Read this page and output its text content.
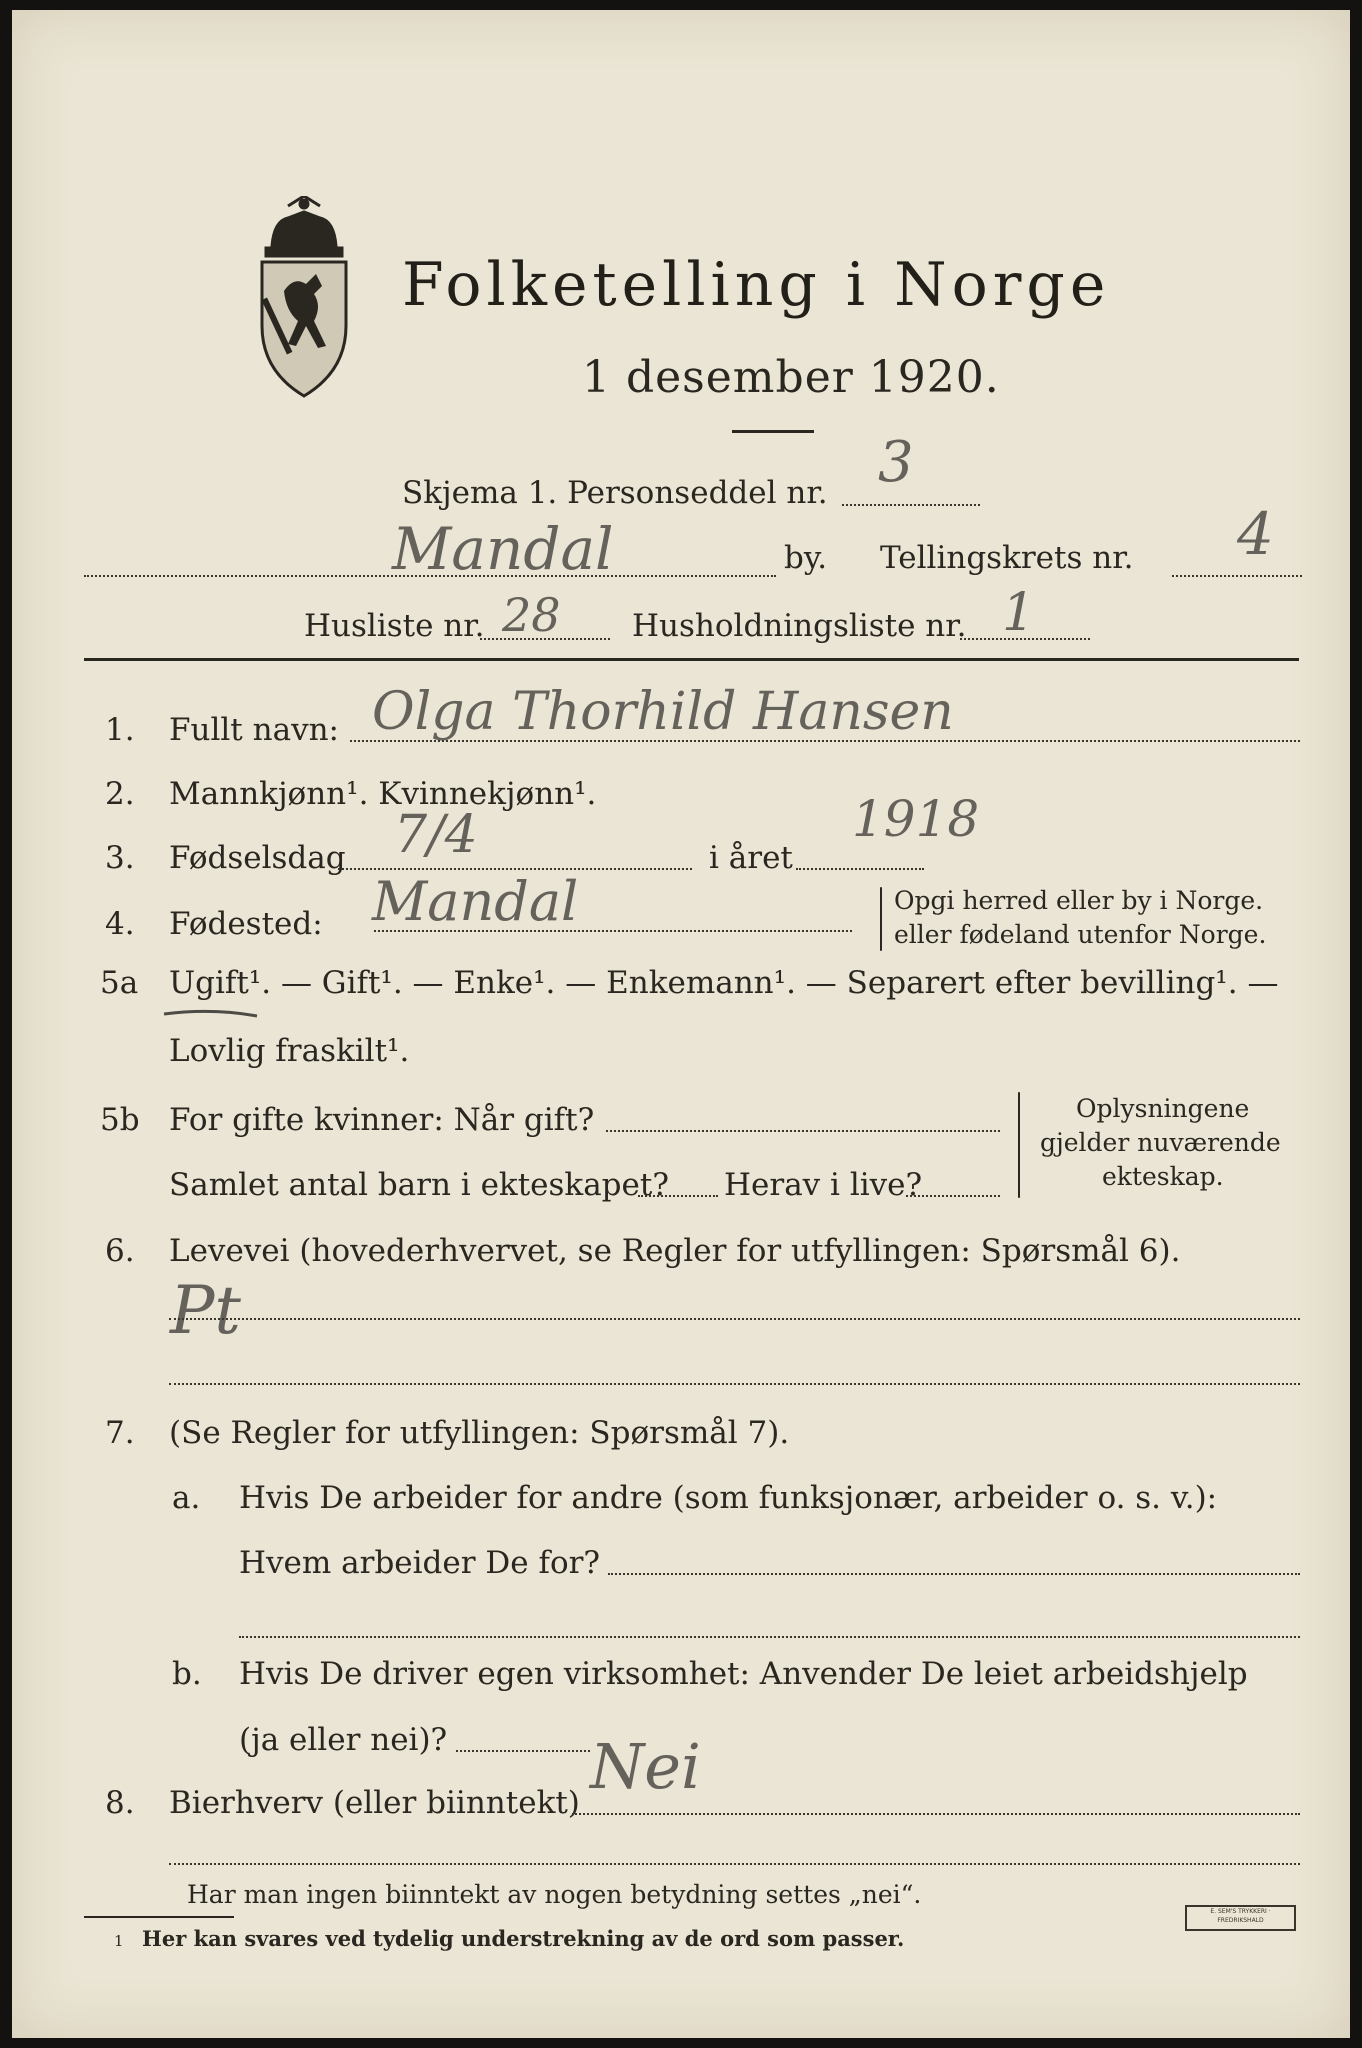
Folketelling i Norge
1 desember 1920.
Skjema 1. Personseddel nr. 3
Mandal	by. Tellingskrets nr. 4
Husliste nr. 28 Husholdningsliste nr. 1
1. Fullt navn: Olga Thorhild Hansen
2. Mannkjønn¹. Kvinnekjønn¹.
3. Fødselsdag 7/4	i året
1918
4. Fødested: Mandal	Opgi herred eller by i Norge.
eller fødeland utenfor Norge.
5a Ugift¹. — Gift¹. — Enke¹. — Enkemann¹. — Separert efter bevilling¹. —
Lovlig fraskilt¹.
5b For gifte kvinner: Når gift?
Samlet antal barn i ekteskapet? Herav i live?
Oplysningene
gjelder nuværende
ekteskap.
6. Levevei (hovederhvervet, se Regler for utfyllingen: Spørsmål 6).
Pt
7. (Se Regler for utfyllingen: Spørsmål 7).
a. Hvis De arbeider for andre (som funksjonær, arbeider o. s. v.):
Hvem arbeider De for?
b. Hvis De driver egen virksomhet: Anvender De leiet arbeidshjelp
(ja eller nei)?
8. Bierhverv (eller biinntekt) Nei
Har man ingen biinntekt av nogen betydning settes „nei“.
1 Her kan svares ved tydelig understrekning av de ord som passer.
E. SEM'S TRYKKERI · FREDRIKSHALD
